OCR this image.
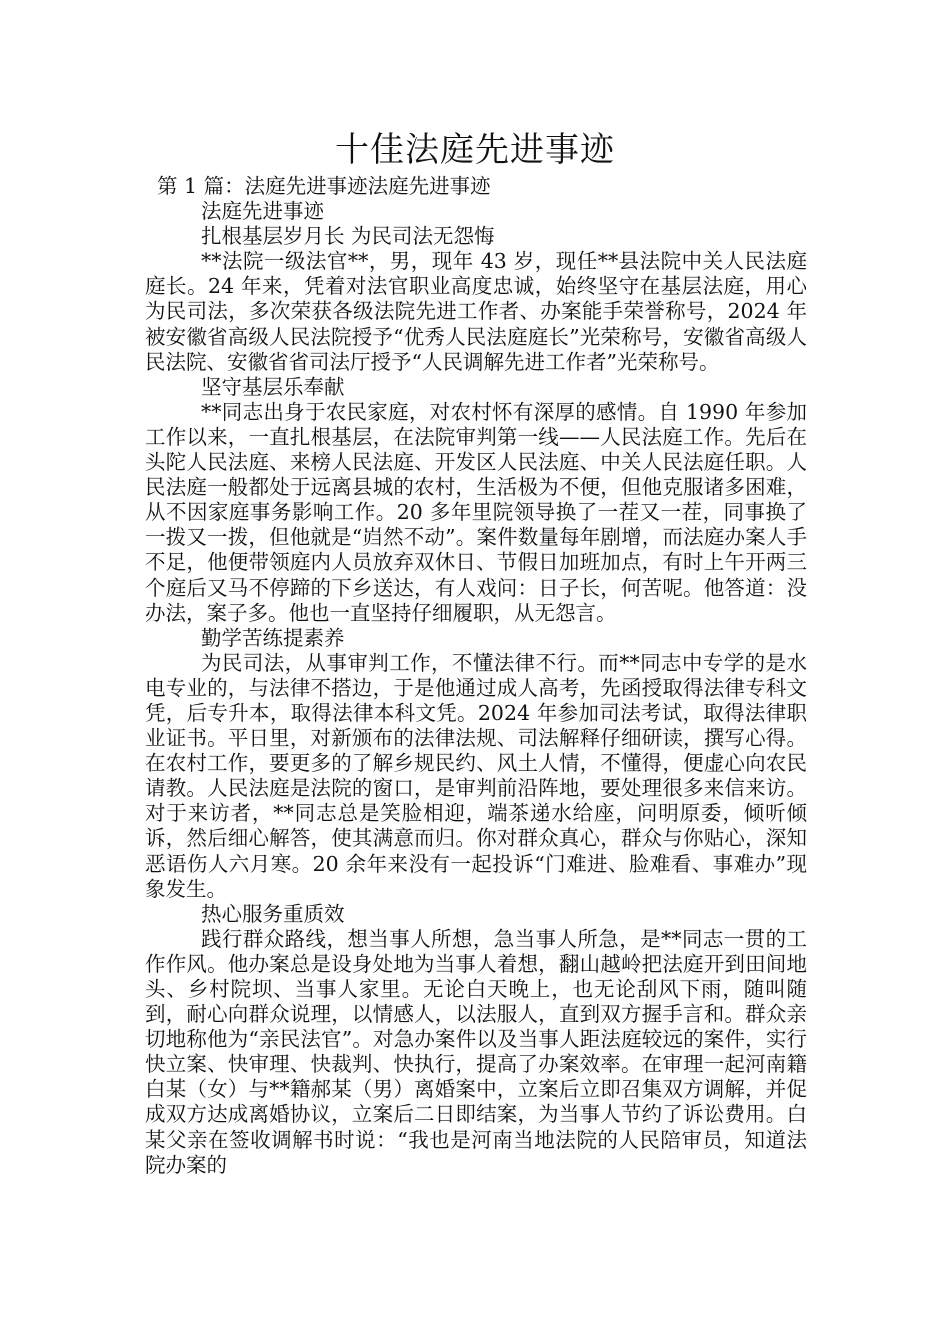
十佳法庭先进事迹

第 1 篇：法庭先进事迹法庭先进事迹

法庭先进事迹

扎根基层岁月长 为民司法无怨悔

**法院一级法官**，男，现年 43 岁，现任**县法院中关人民法庭庭长。24 年来，凭着对法官职业高度忠诚，始终坚守在基层法庭，用心为民司法，多次荣获各级法院先进工作者、办案能手荣誉称号，2024 年被安徽省高级人民法院授予“优秀人民法庭庭长”光荣称号，安徽省高级人民法院、安徽省省司法厅授予“人民调解先进工作者”光荣称号。

坚守基层乐奉献

**同志出身于农民家庭，对农村怀有深厚的感情。自 1990 年参加工作以来，一直扎根基层，在法院审判第一线——人民法庭工作。先后在头陀人民法庭、来榜人民法庭、开发区人民法庭、中关人民法庭任职。人民法庭一般都处于远离县城的农村，生活极为不便，但他克服诸多困难，从不因家庭事务影响工作。20 多年里院领导换了一茬又一茬，同事换了一拨又一拨，但他就是“岿然不动”。案件数量每年剧增，而法庭办案人手不足，他便带领庭内人员放弃双休日、节假日加班加点，有时上午开两三个庭后又马不停蹄的下乡送达，有人戏问：日子长，何苦呢。他答道：没办法，案子多。他也一直坚持仔细履职，从无怨言。

勤学苦练提素养

为民司法，从事审判工作，不懂法律不行。而**同志中专学的是水电专业的，与法律不搭边，于是他通过成人高考，先函授取得法律专科文凭，后专升本，取得法律本科文凭。2024 年参加司法考试，取得法律职业证书。平日里，对新颁布的法律法规、司法解释仔细研读，撰写心得。在农村工作，要更多的了解乡规民约、风土人情，不懂得，便虚心向农民请教。人民法庭是法院的窗口，是审判前沿阵地，要处理很多来信来访。对于来访者，**同志总是笑脸相迎，端茶递水给座，问明原委，倾听倾诉，然后细心解答，使其满意而归。你对群众真心，群众与你贴心，深知恶语伤人六月寒。20 余年来没有一起投诉“门难进、脸难看、事难办”现象发生。

热心服务重质效

践行群众路线，想当事人所想，急当事人所急，是**同志一贯的工作作风。他办案总是设身处地为当事人着想，翻山越岭把法庭开到田间地头、乡村院坝、当事人家里。无论白天晚上，也无论刮风下雨，随叫随到，耐心向群众说理，以情感人，以法服人，直到双方握手言和。群众亲切地称他为“亲民法官”。对急办案件以及当事人距法庭较远的案件，实行快立案、快审理、快裁判、快执行，提高了办案效率。在审理一起河南籍白某（女）与**籍郝某（男）离婚案中，立案后立即召集双方调解，并促成双方达成离婚协议，立案后二日即结案，为当事人节约了诉讼费用。白某父亲在签收调解书时说：“我也是河南当地法院的人民陪审员，知道法院办案的
